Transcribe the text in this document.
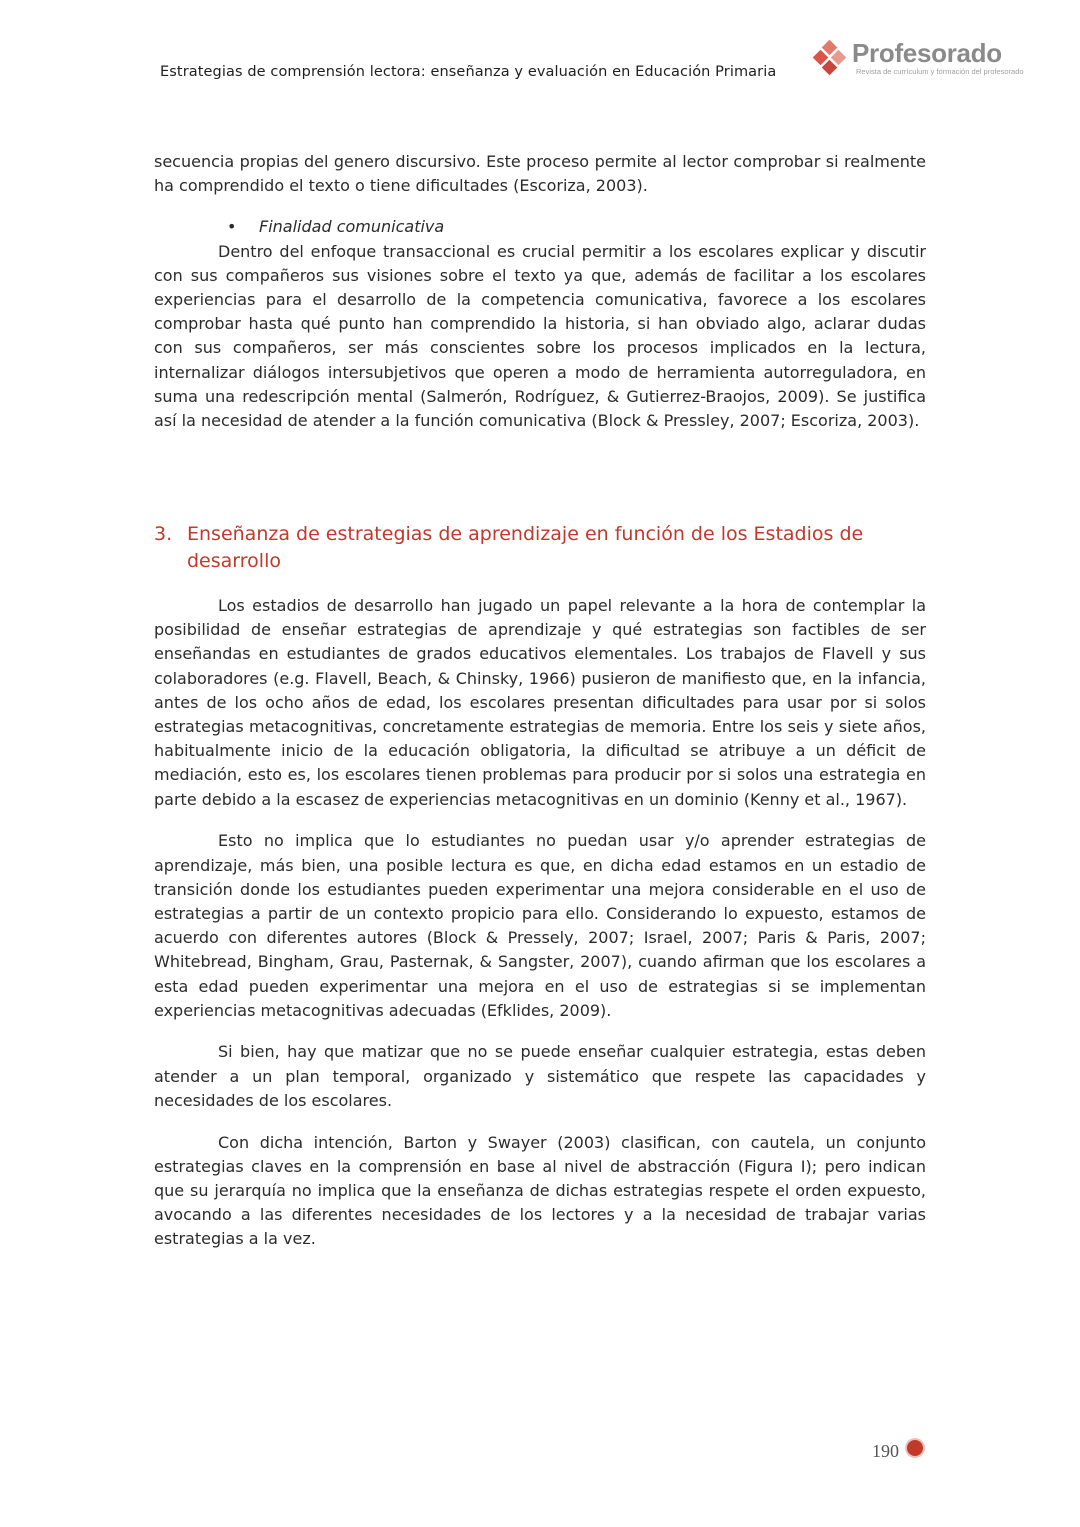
Estrategias de comprensión lectora: enseñanza y evaluación en Educación Primaria
Profesorado
Revista de currículum y formación del profesorado

secuencia propias del genero discursivo. Este proceso permite al lector comprobar si realmente ha comprendido el texto o tiene dificultades (Escoriza, 2003).

• Finalidad comunicativa

Dentro del enfoque transaccional es crucial permitir a los escolares explicar y discutir con sus compañeros sus visiones sobre el texto ya que, además de facilitar a los escolares experiencias para el desarrollo de la competencia comunicativa, favorece a los escolares comprobar hasta qué punto han comprendido la historia, si han obviado algo, aclarar dudas con sus compañeros, ser más conscientes sobre los procesos implicados en la lectura, internalizar diálogos intersubjetivos que operen a modo de herramienta autorreguladora, en suma una redescripción mental (Salmerón, Rodríguez, & Gutierrez-Braojos, 2009). Se justifica así la necesidad de atender a la función comunicativa (Block & Pressley, 2007; Escoriza, 2003).

3. Enseñanza de estrategias de aprendizaje en función de los Estadios de desarrollo

Los estadios de desarrollo han jugado un papel relevante a la hora de contemplar la posibilidad de enseñar estrategias de aprendizaje y qué estrategias son factibles de ser enseñandas en estudiantes de grados educativos elementales. Los trabajos de Flavell y sus colaboradores (e.g. Flavell, Beach, & Chinsky, 1966) pusieron de manifiesto que, en la infancia, antes de los ocho años de edad, los escolares presentan dificultades para usar por si solos estrategias metacognitivas, concretamente estrategias de memoria. Entre los seis y siete años, habitualmente inicio de la educación obligatoria, la dificultad se atribuye a un déficit de mediación, esto es, los escolares tienen problemas para producir por si solos una estrategia en parte debido a la escasez de experiencias metacognitivas en un dominio (Kenny et al., 1967).

Esto no implica que lo estudiantes no puedan usar y/o aprender estrategias de aprendizaje, más bien, una posible lectura es que, en dicha edad estamos en un estadio de transición donde los estudiantes pueden experimentar una mejora considerable en el uso de estrategias a partir de un contexto propicio para ello. Considerando lo expuesto, estamos de acuerdo con diferentes autores (Block & Pressely, 2007; Israel, 2007; Paris & Paris, 2007; Whitebread, Bingham, Grau, Pasternak, & Sangster, 2007), cuando afirman que los escolares a esta edad pueden experimentar una mejora en el uso de estrategias si se implementan experiencias metacognitivas adecuadas (Efklides, 2009).

Si bien, hay que matizar que no se puede enseñar cualquier estrategia, estas deben atender a un plan temporal, organizado y sistemático que respete las capacidades y necesidades de los escolares.

Con dicha intención, Barton y Swayer (2003) clasifican, con cautela, un conjunto estrategias claves en la comprensión en base al nivel de abstracción (Figura I); pero indican que su jerarquía no implica que la enseñanza de dichas estrategias respete el orden expuesto, avocando a las diferentes necesidades de los lectores y a la necesidad de trabajar varias estrategias a la vez.

190
